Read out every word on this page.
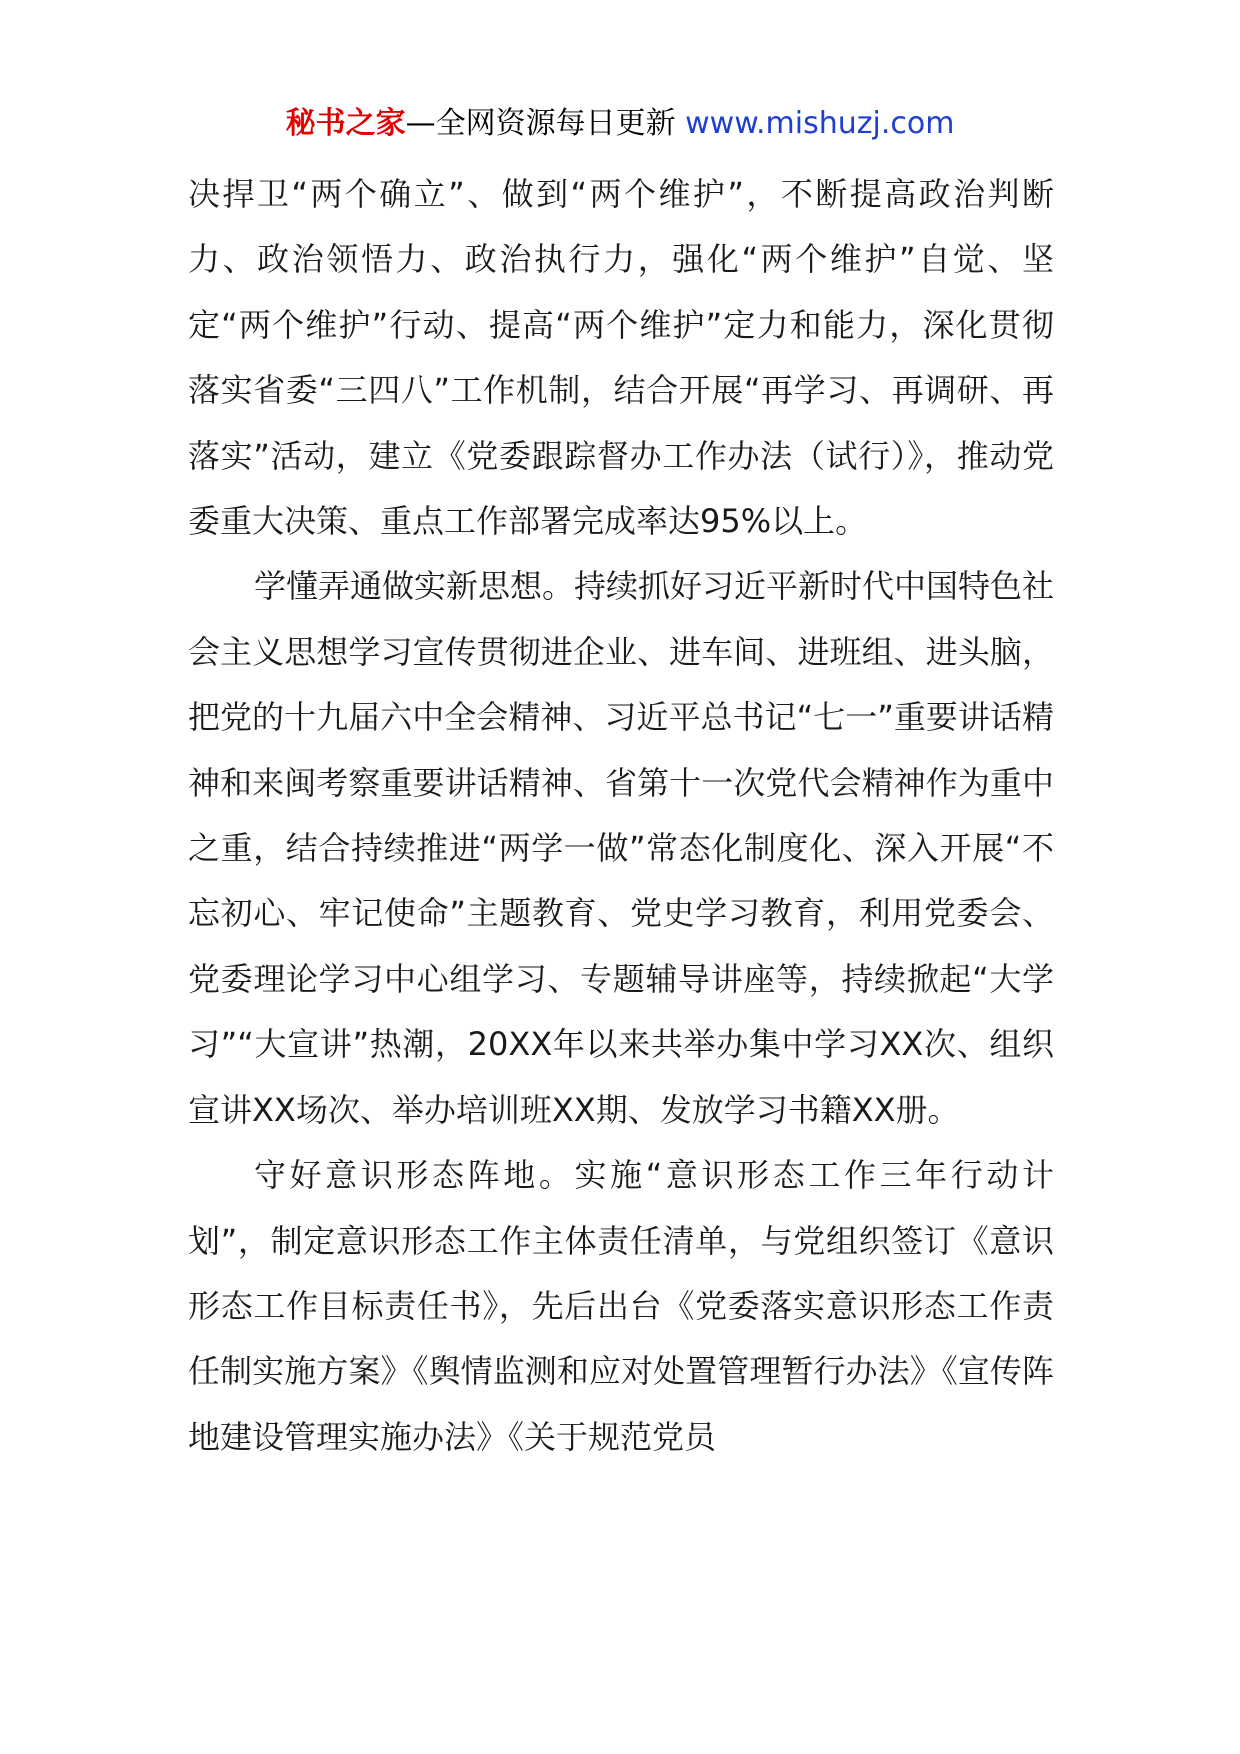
秘书之家—全网资源每日更新 www.mishuzj.com

决捍卫“两个确立”、做到“两个维护”，不断提高政治判断力、政治领悟力、政治执行力，强化“两个维护”自觉、坚定“两个维护”行动、提高“两个维护”定力和能力，深化贯彻落实省委“三四八”工作机制，结合开展“再学习、再调研、再落实”活动，建立《党委跟踪督办工作办法（试行）》，推动党委重大决策、重点工作部署完成率达95%以上。

学懂弄通做实新思想。持续抓好习近平新时代中国特色社会主义思想学习宣传贯彻进企业、进车间、进班组、进头脑，把党的十九届六中全会精神、习近平总书记“七一”重要讲话精神和来闽考察重要讲话精神、省第十一次党代会精神作为重中之重，结合持续推进“两学一做”常态化制度化、深入开展“不忘初心、牢记使命”主题教育、党史学习教育，利用党委会、党委理论学习中心组学习、专题辅导讲座等，持续掀起“大学习”“大宣讲”热潮，20XX年以来共举办集中学习XX次、组织宣讲XX场次、举办培训班XX期、发放学习书籍XX册。

守好意识形态阵地。实施“意识形态工作三年行动计划”，制定意识形态工作主体责任清单，与党组织签订《意识形态工作目标责任书》，先后出台《党委落实意识形态工作责任制实施方案》《舆情监测和应对处置管理暂行办法》《宣传阵地建设管理实施办法》《关于规范党员
